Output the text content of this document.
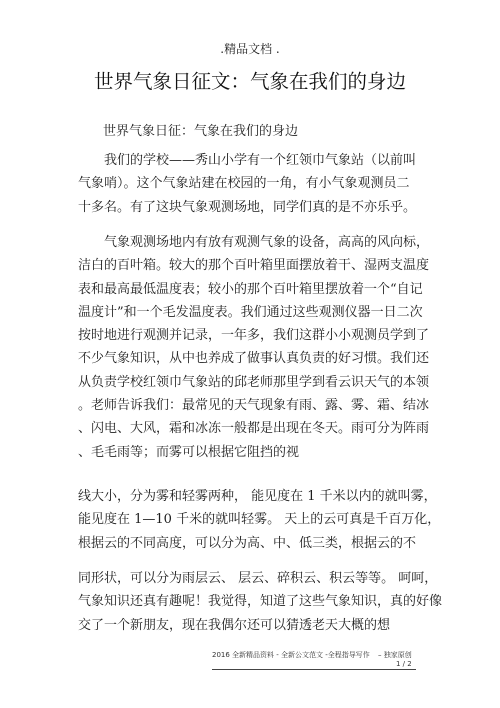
.精品文档 .
世界气象日征文：气象在我们的身边
世界气象日征：气象在我们的身边
　　我们的学校——秀山小学有一个红领巾气象站（以前叫
气象哨）。这个气象站建在校园的一角，有小气象观测员二
十多名。有了这块气象观测场地，同学们真的是不亦乐乎。
　　气象观测场地内有放有观测气象的设备，高高的风向标，
洁白的百叶箱。较大的那个百叶箱里面摆放着干、湿两支温度
表和最高最低温度表；较小的那个百叶箱里摆放着一个“自记
温度计”和一个毛发温度表。我们通过这些观测仪器一日二次
按时地进行观测并记录，一年多，我们这群小小观测员学到了
不少气象知识，从中也养成了做事认真负责的好习惯。我们还
从负责学校红领巾气象站的邱老师那里学到看云识天气的本领
。老师告诉我们：最常见的天气现象有雨、露、雾、霜、结冰
、闪电、大风，霜和冰冻一般都是出现在冬天。雨可分为阵雨
、毛毛雨等；而雾可以根据它阻挡的视
线大小，分为雾和轻雾两种， 能见度在 1 千米以内的就叫雾，
能见度在 1—10 千米的就叫轻雾。 天上的云可真是千百万化，
根据云的不同高度，可以分为高、中、低三类，根据云的不
同形状，可以分为雨层云、 层云、碎积云、积云等等。 呵呵，
气象知识还真有趣呢！我觉得，知道了这些气象知识，真的好像
交了一个新朋友，现在我偶尔还可以猜透老天大概的想
2016 全新精品资料 - 全新公文范文 -全程指导写作 – 独家原创
1 / 2
